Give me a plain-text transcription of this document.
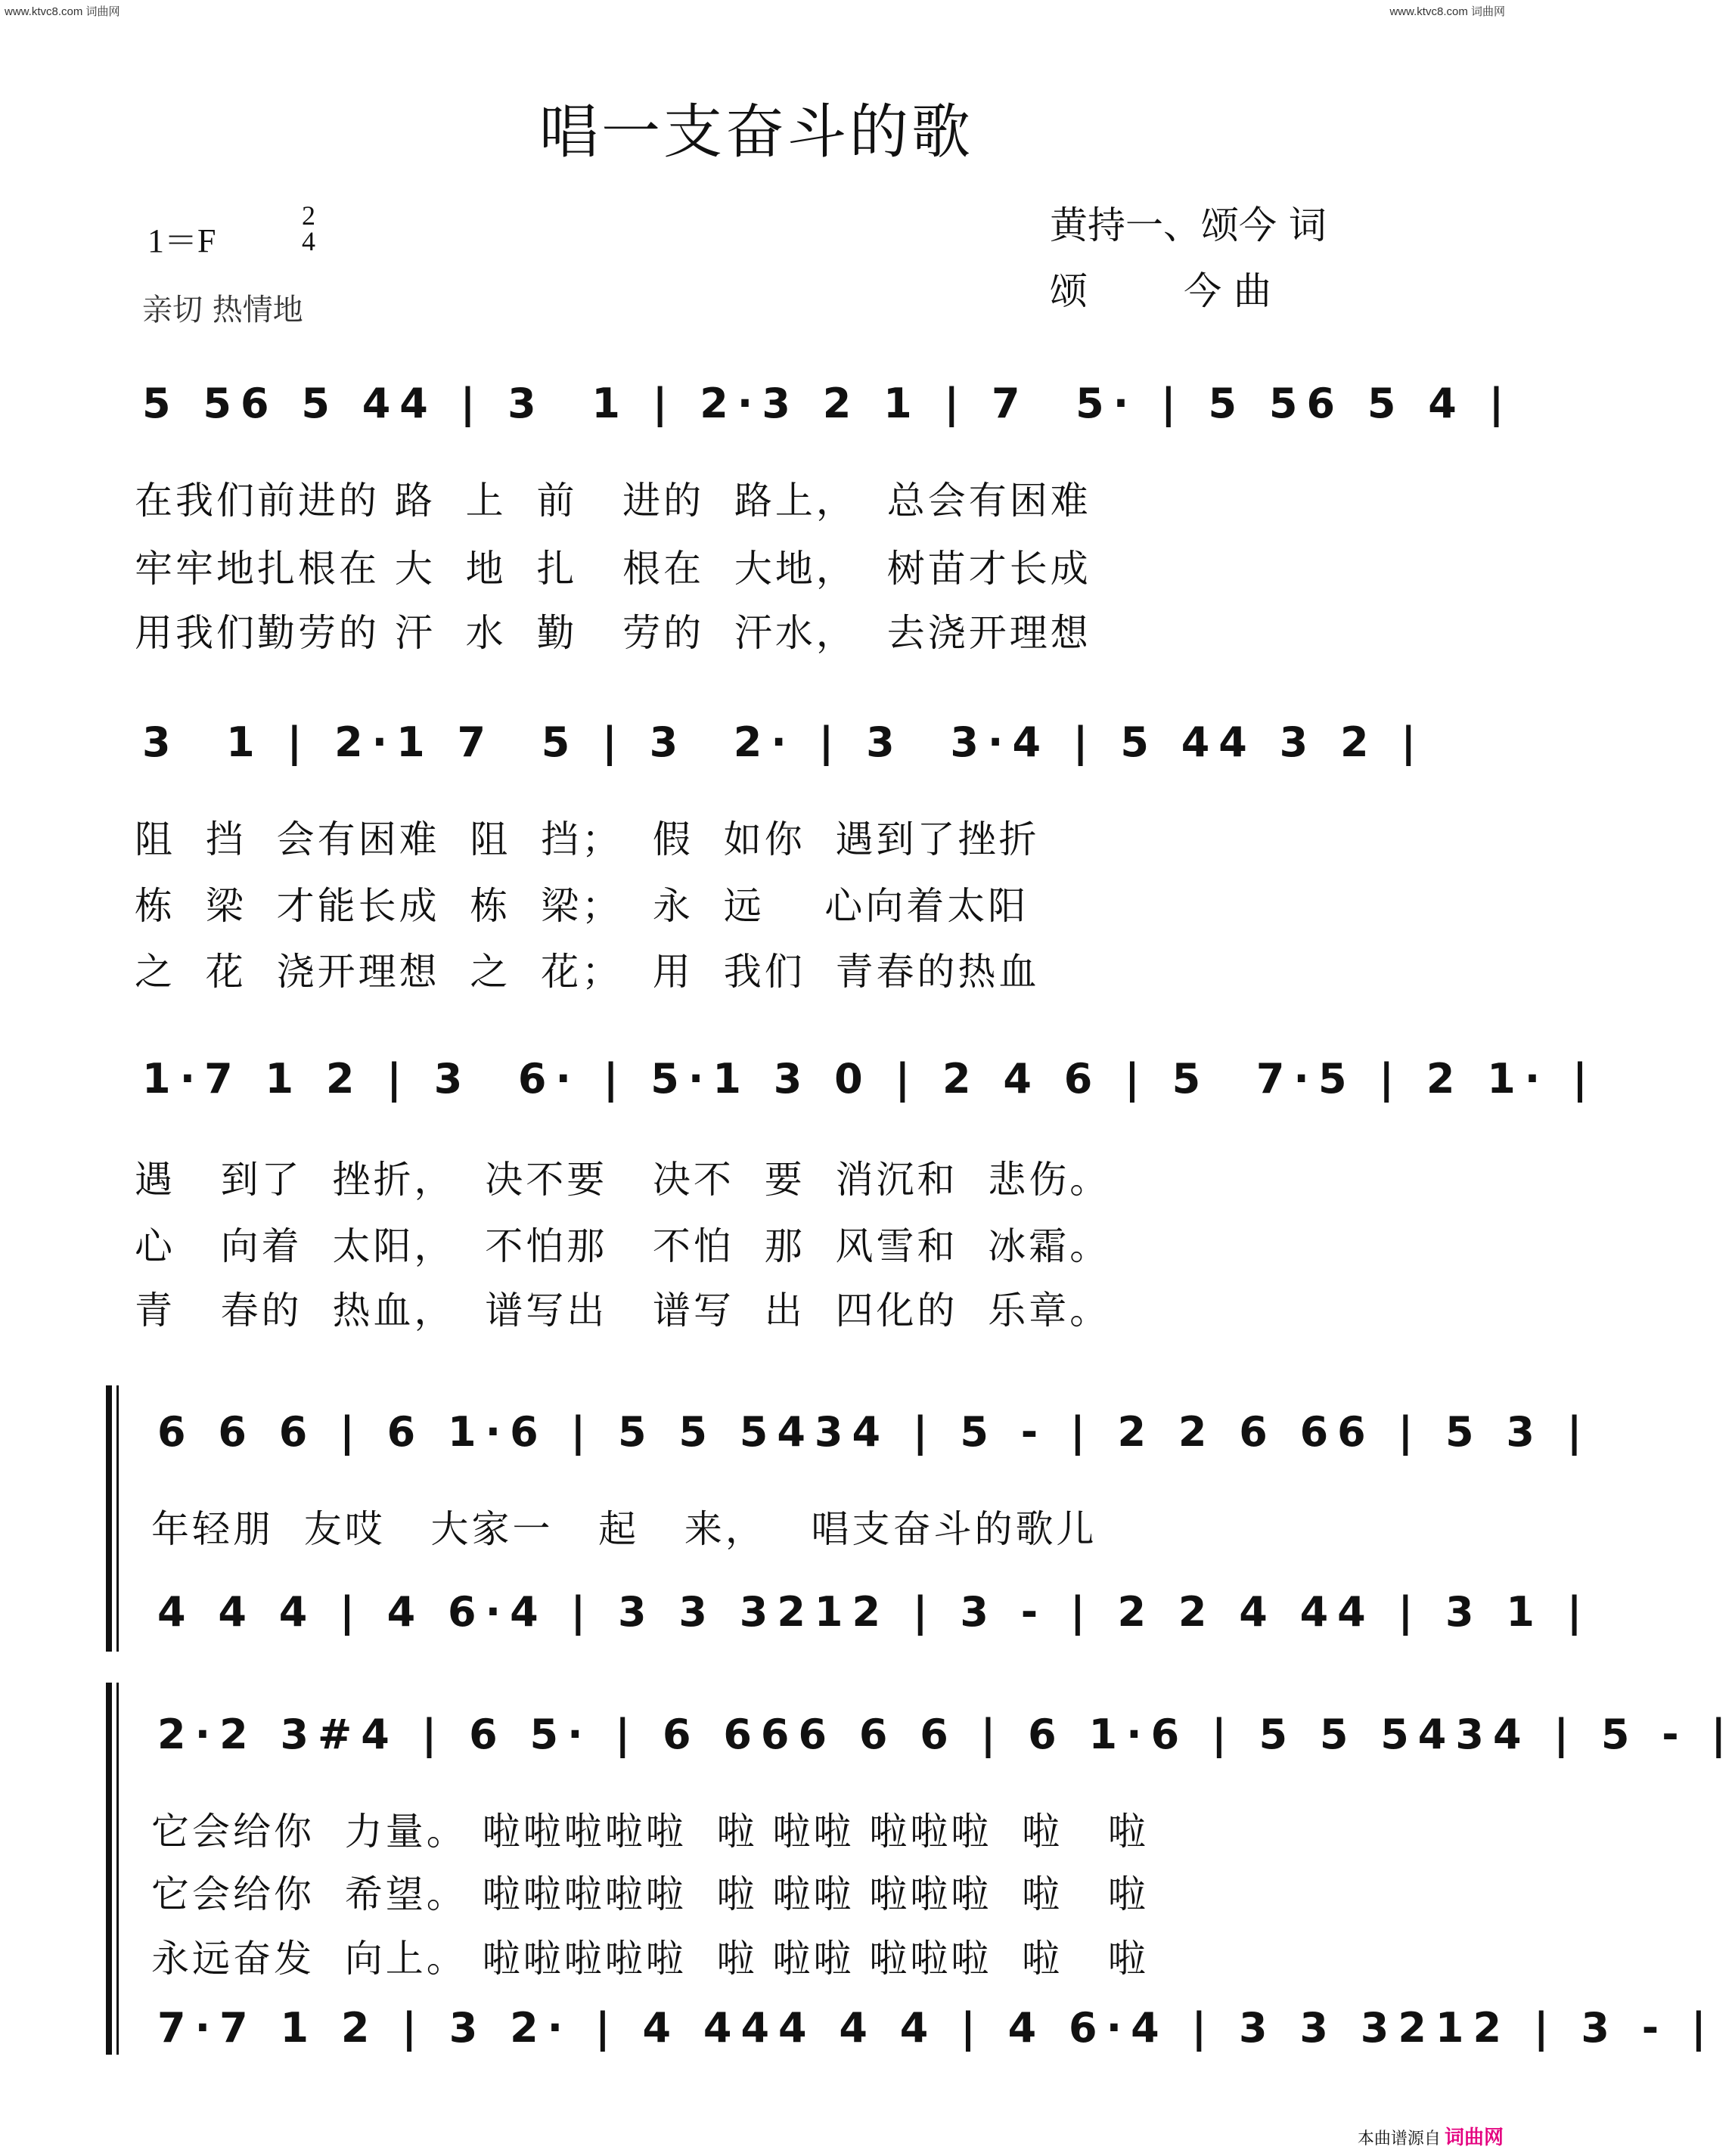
www.ktvc8.com 词曲网	www.ktvc8.com 词曲网
唱一支奋斗的歌
1＝F
2
4
亲切 热情地
黄持一、颂今 词
颂        今 曲
5 56 5 44 | 3  1 | 2·3 2 1 | 7  5· | 5 56 5 4 |
在我们前进的 路  上  前   进的  路上，  总会有困难
牢牢地扎根在 大  地  扎   根在  大地，  树苗才长成
用我们勤劳的 汗  水  勤   劳的  汗水，  去浇开理想
3  1 | 2·1 7  5 | 3  2· | 3  3·4 | 5 44 3 2 |
阻  挡  会有困难  阻  挡；  假  如你  遇到了挫折
栋  梁  才能长成  栋  梁；  永  远    心向着太阳
之  花  浇开理想  之  花；  用  我们  青春的热血
1·7 1 2 | 3  6· | 5·1 3 0 | 2 4 6 | 5  7·5 | 2 1· |
遇   到了  挫折，  决不要   决不  要  消沉和  悲伤。
心   向着  太阳，  不怕那   不怕  那  风雪和  冰霜。
青   春的  热血，  谱写出   谱写  出  四化的  乐章。
6 6 6 | 6 1·6 | 5 5 5434 | 5 - | 2 2 6 66 | 5 3 |
年轻朋  友哎   大家一   起   来，   唱支奋斗的歌儿
4 4 4 | 4 6·4 | 3 3 3212 | 3 - | 2 2 4 44 | 3 1 |
2·2 3#4 | 6 5· | 6 666 6 6 | 6 1·6 | 5 5 5434 | 5 - |
它会给你  力量。 啦啦啦啦啦  啦 啦啦 啦啦啦  啦   啦
它会给你  希望。 啦啦啦啦啦  啦 啦啦 啦啦啦  啦   啦
永远奋发  向上。 啦啦啦啦啦  啦 啦啦 啦啦啦  啦   啦
7·7 1 2 | 3 2· | 4 444 4 4 | 4 6·4 | 3 3 3212 | 3 - |
本曲谱源自 词曲网
